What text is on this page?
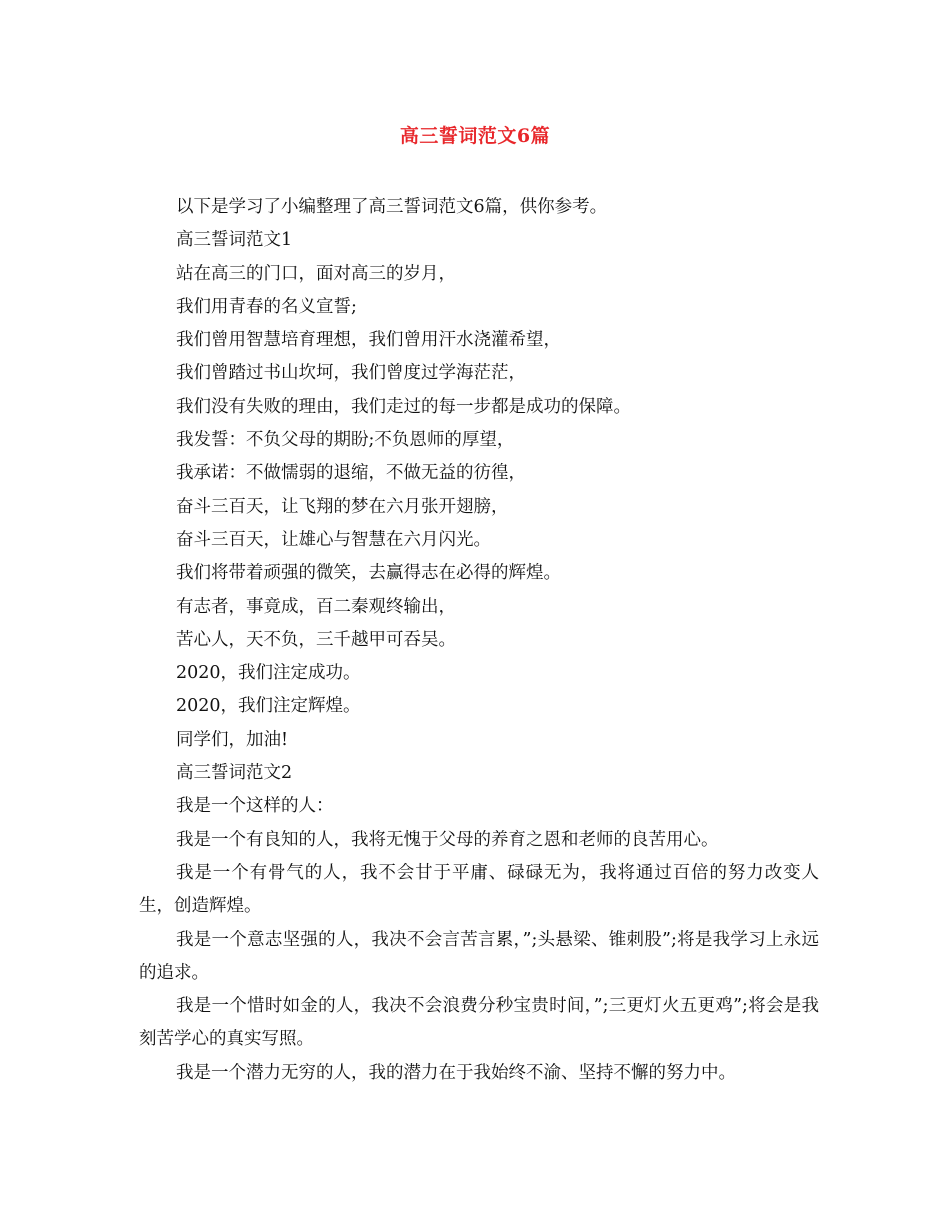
高三誓词范文6篇

以下是学习了小编整理了高三誓词范文6篇，供你参考。

高三誓词范文1

站在高三的门口，面对高三的岁月，

我们用青春的名义宣誓;

我们曾用智慧培育理想，我们曾用汗水浇灌希望，

我们曾踏过书山坎坷，我们曾度过学海茫茫，

我们没有失败的理由，我们走过的每一步都是成功的保障。

我发誓：不负父母的期盼;不负恩师的厚望，

我承诺：不做懦弱的退缩，不做无益的彷徨，

奋斗三百天，让飞翔的梦在六月张开翅膀，

奋斗三百天，让雄心与智慧在六月闪光。

我们将带着顽强的微笑，去赢得志在必得的辉煌。

有志者，事竟成，百二秦观终输出，

苦心人，天不负，三千越甲可吞吴。

2020，我们注定成功。

2020，我们注定辉煌。

同学们，加油!

高三誓词范文2

我是一个这样的人：

我是一个有良知的人，我将无愧于父母的养育之恩和老师的良苦用心。

我是一个有骨气的人，我不会甘于平庸、碌碌无为，我将通过百倍的努力改变人生，创造辉煌。

我是一个意志坚强的人，我决不会言苦言累，”;头悬梁、锥刺股”;将是我学习上永远的追求。

我是一个惜时如金的人，我决不会浪费分秒宝贵时间，”;三更灯火五更鸡”;将会是我刻苦学心的真实写照。

我是一个潜力无穷的人，我的潜力在于我始终不渝、坚持不懈的努力中。
